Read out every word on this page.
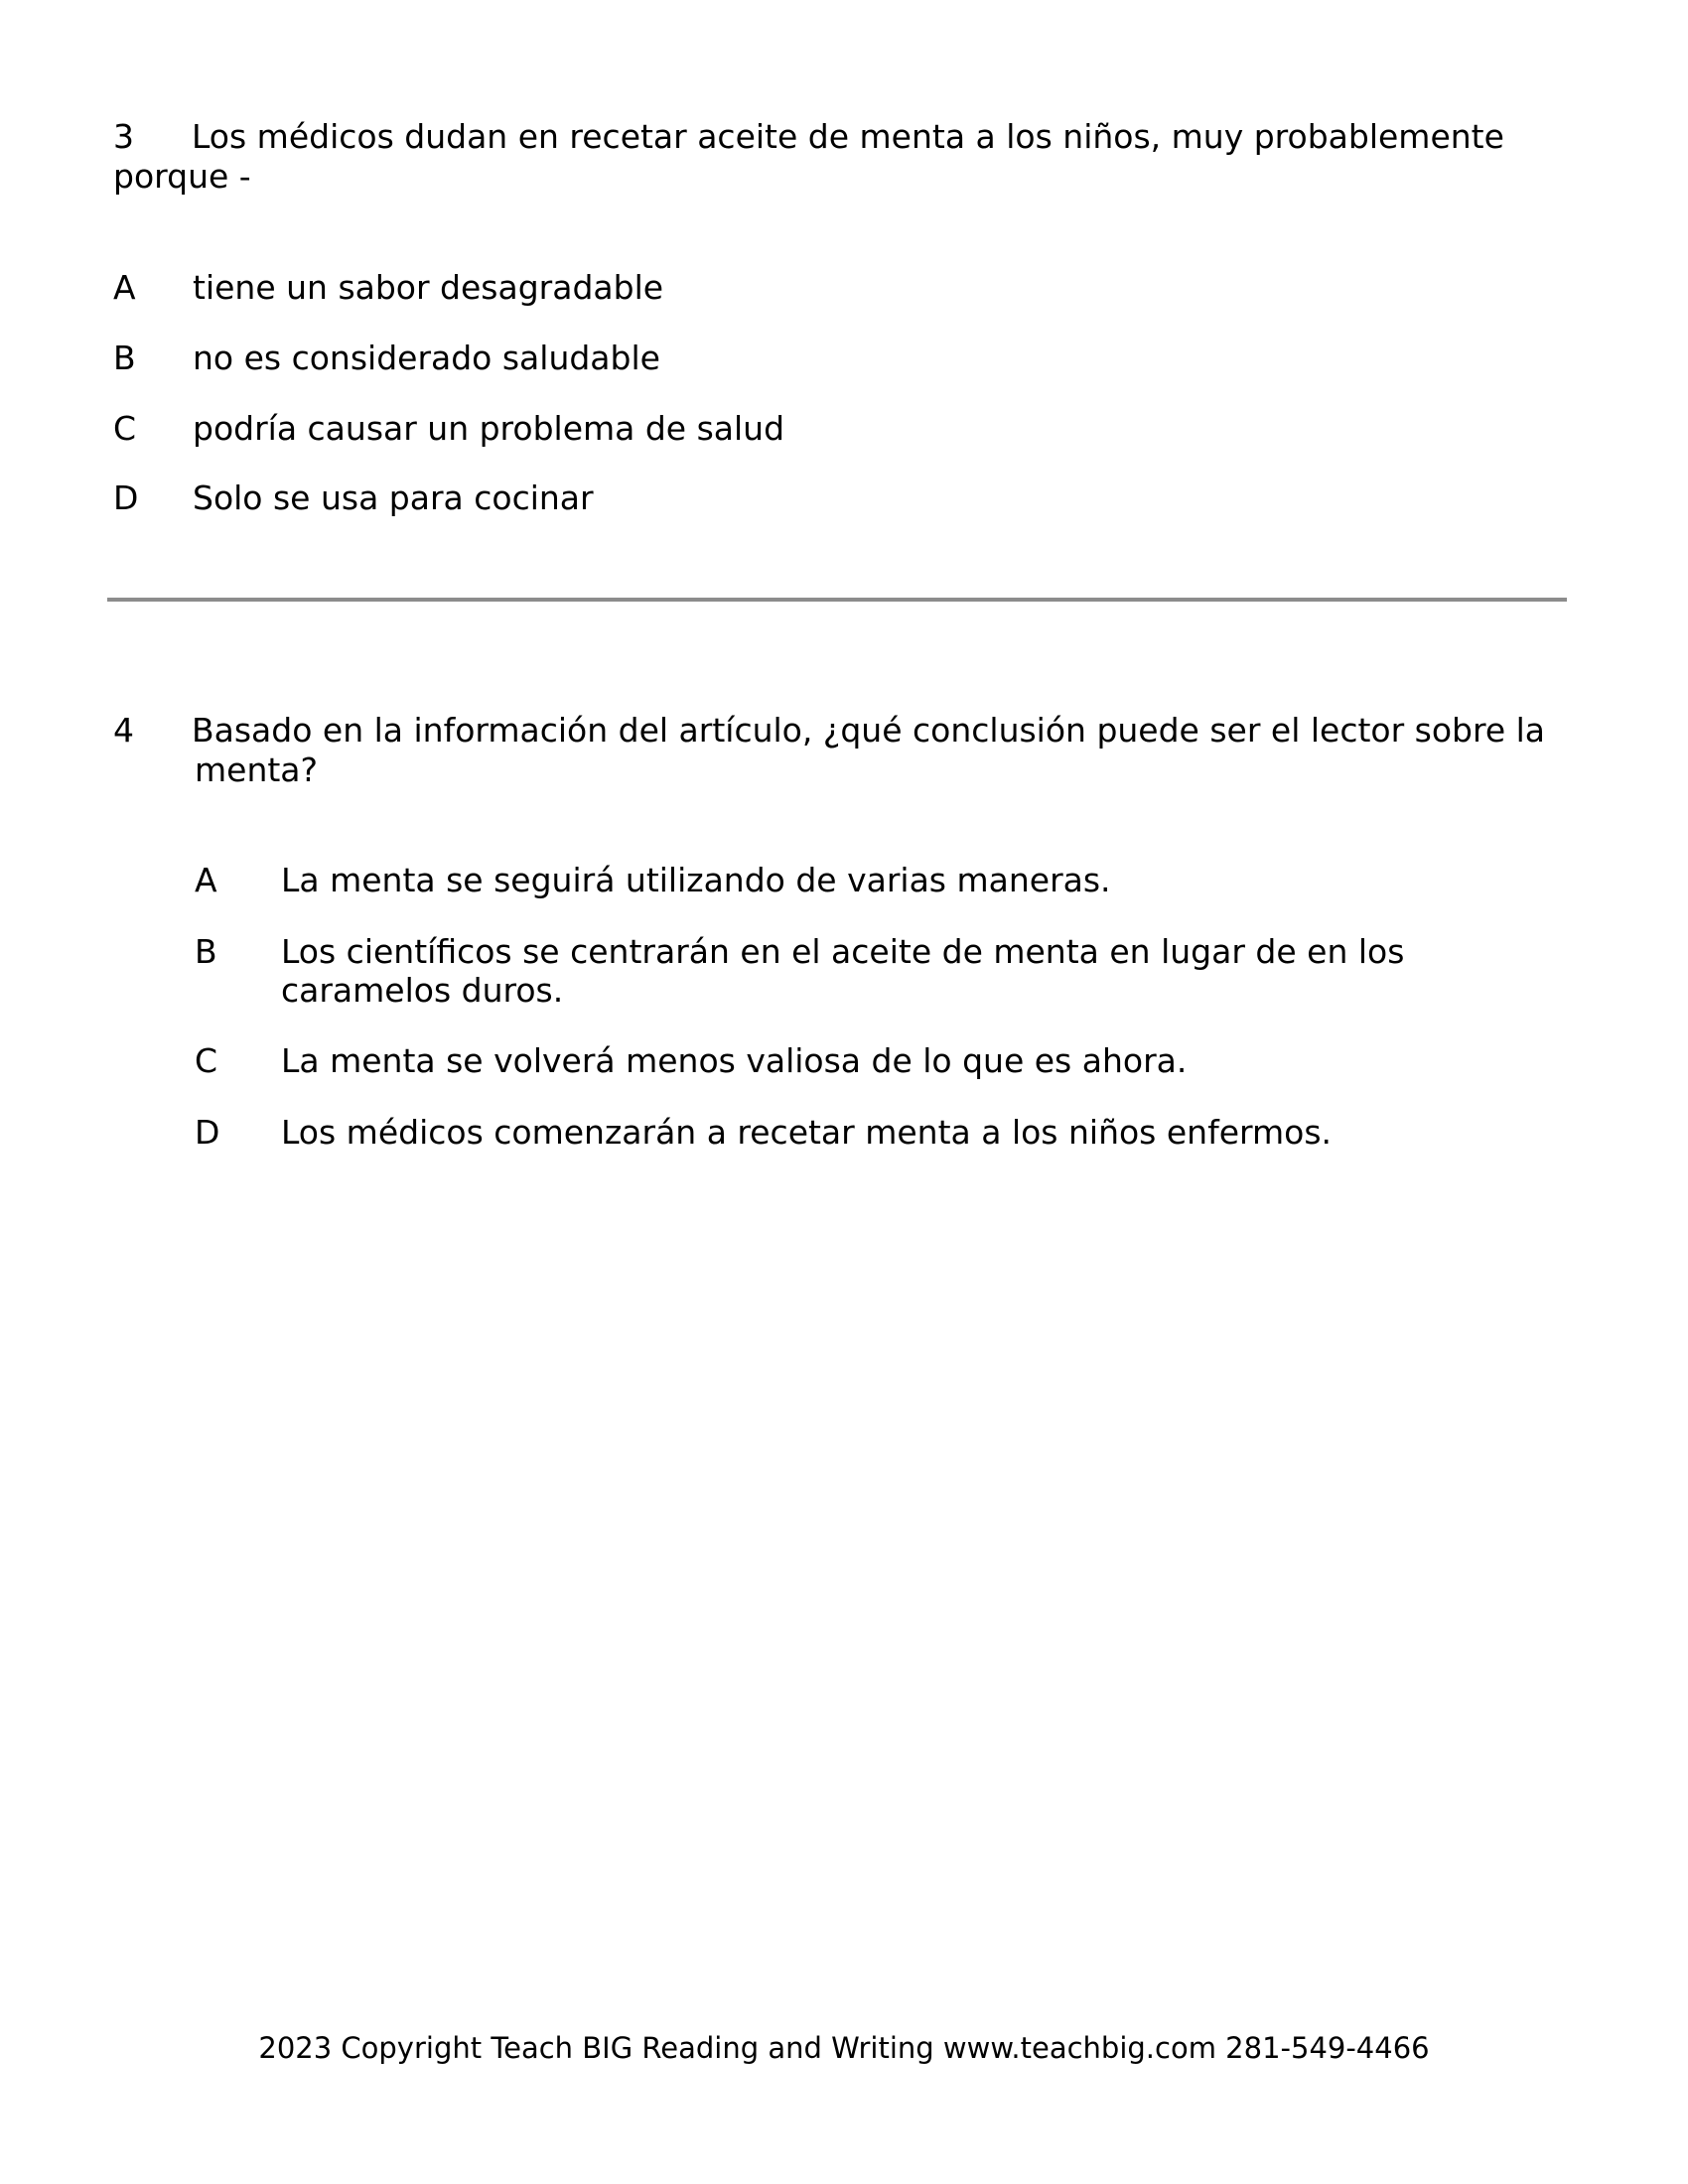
3 Los médicos dudan en recetar aceite de menta a los niños, muy probablemente
porque -
A tiene un sabor desagradable
B no es considerado saludable
C podría causar un problema de salud
D Solo se usa para cocinar
4 Basado en la información del artículo, ¿qué conclusión puede ser el lector sobre la
menta?
A La menta se seguirá utilizando de varias maneras.
B Los científicos se centrarán en el aceite de menta en lugar de en los
caramelos duros.
C La menta se volverá menos valiosa de lo que es ahora.
D Los médicos comenzarán a recetar menta a los niños enfermos.
2023 Copyright Teach BIG Reading and Writing www.teachbig.com 281-549-4466
